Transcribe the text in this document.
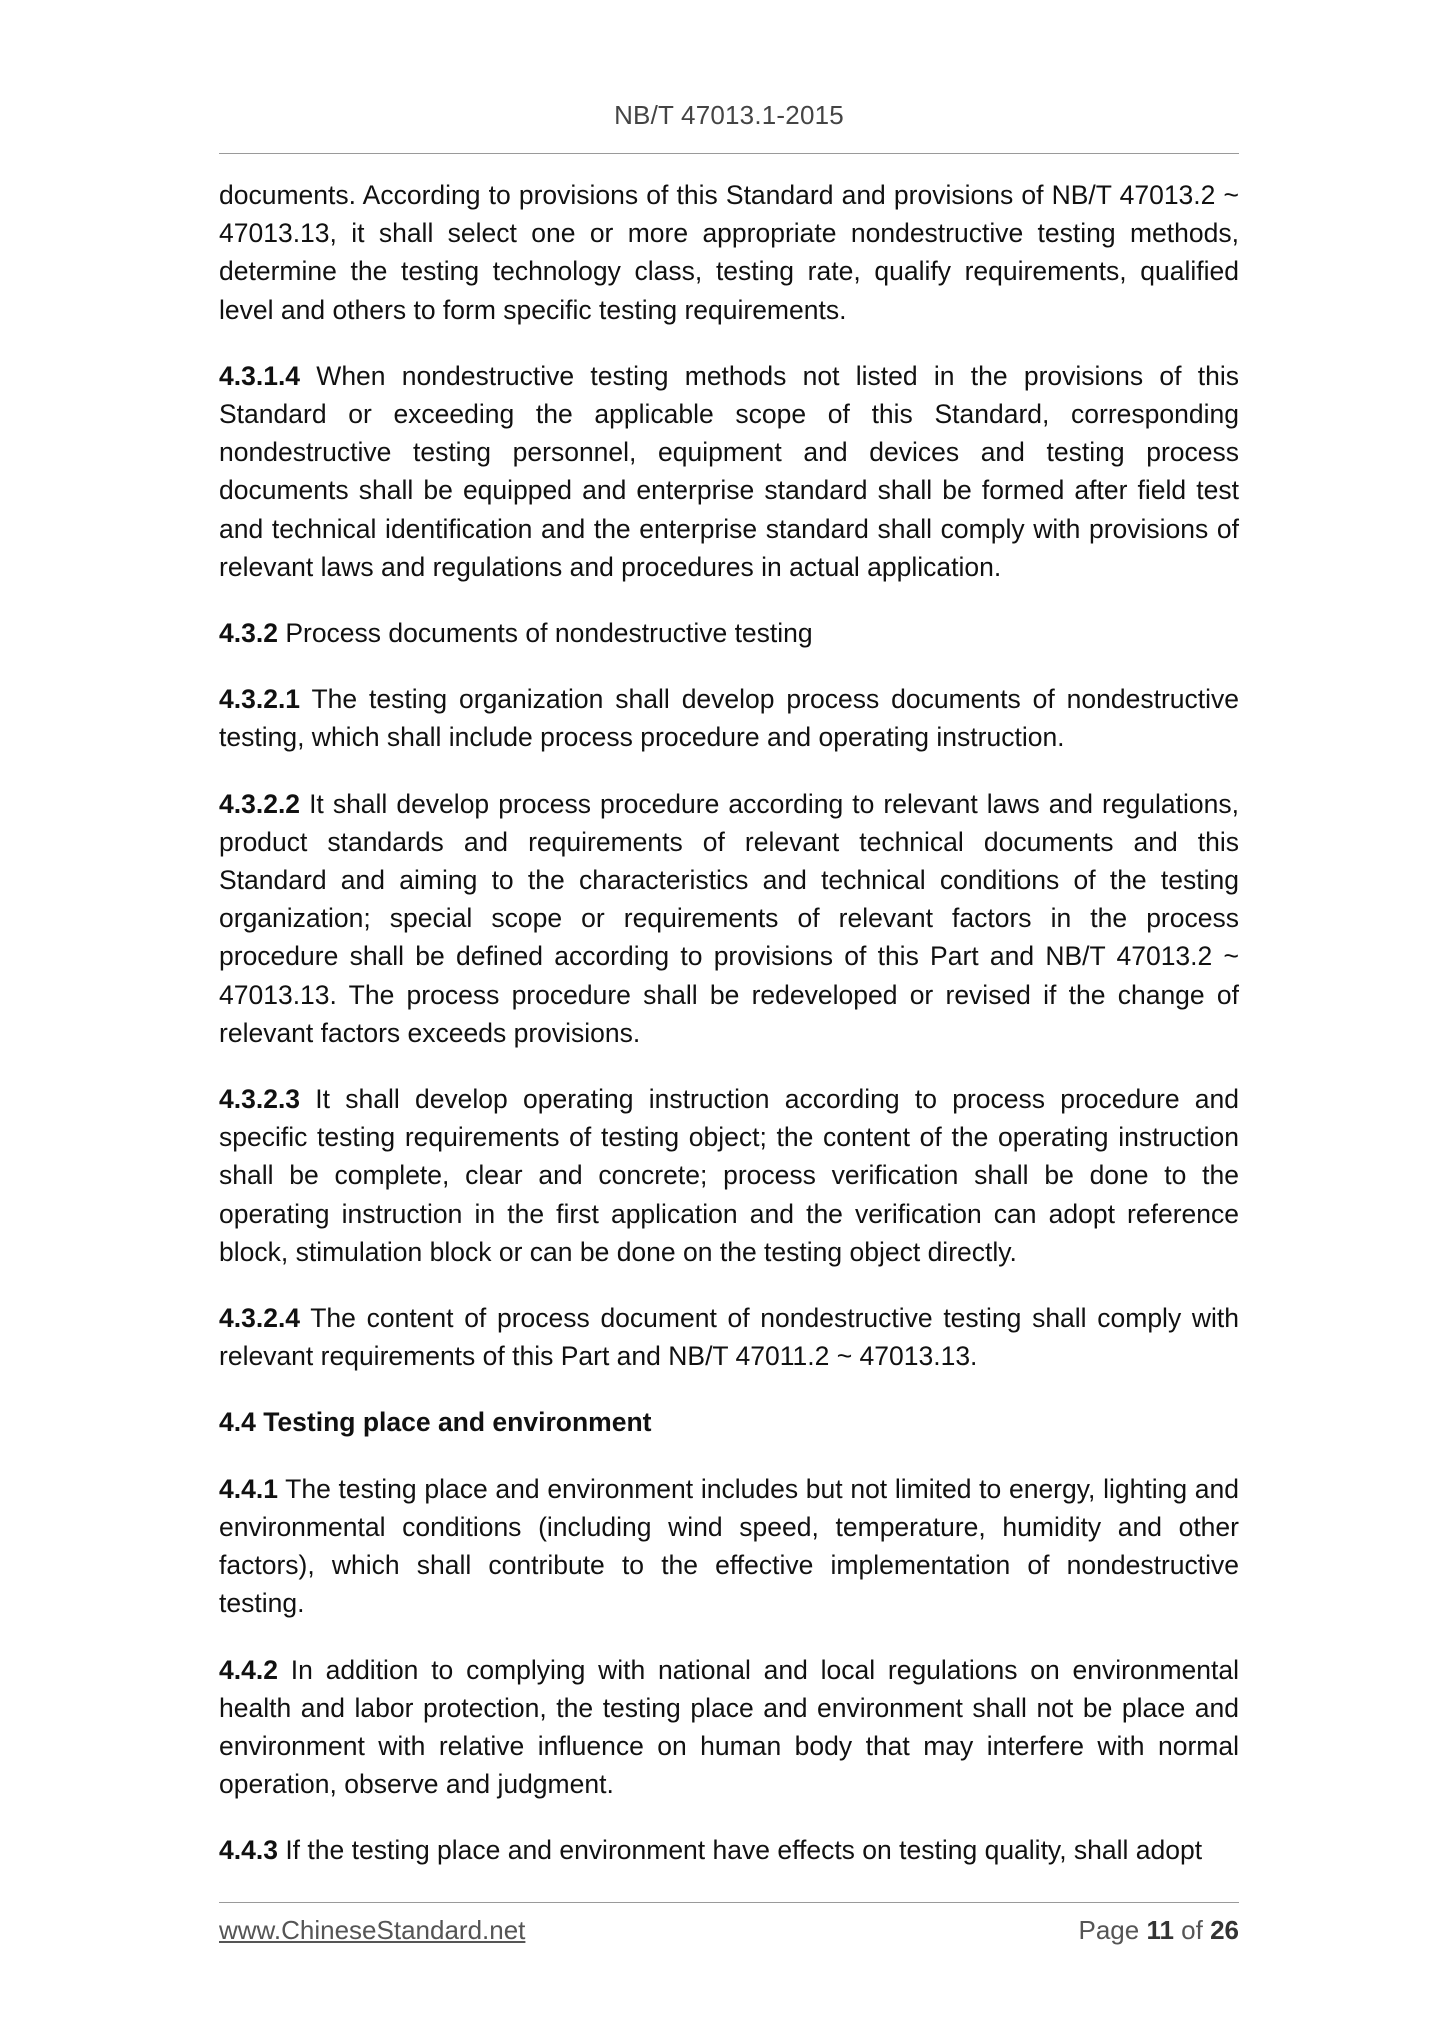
NB/T 47013.1-2015

documents. According to provisions of this Standard and provisions of NB/T 47013.2 ~ 47013.13, it shall select one or more appropriate nondestructive testing methods, determine the testing technology class, testing rate, qualify requirements, qualified level and others to form specific testing requirements.

4.3.1.4 When nondestructive testing methods not listed in the provisions of this Standard or exceeding the applicable scope of this Standard, corresponding nondestructive testing personnel, equipment and devices and testing process documents shall be equipped and enterprise standard shall be formed after field test and technical identification and the enterprise standard shall comply with provisions of relevant laws and regulations and procedures in actual application.

4.3.2 Process documents of nondestructive testing

4.3.2.1 The testing organization shall develop process documents of nondestructive testing, which shall include process procedure and operating instruction.

4.3.2.2 It shall develop process procedure according to relevant laws and regulations, product standards and requirements of relevant technical documents and this Standard and aiming to the characteristics and technical conditions of the testing organization; special scope or requirements of relevant factors in the process procedure shall be defined according to provisions of this Part and NB/T 47013.2 ~ 47013.13. The process procedure shall be redeveloped or revised if the change of relevant factors exceeds provisions.

4.3.2.3 It shall develop operating instruction according to process procedure and specific testing requirements of testing object; the content of the operating instruction shall be complete, clear and concrete; process verification shall be done to the operating instruction in the first application and the verification can adopt reference block, stimulation block or can be done on the testing object directly.

4.3.2.4 The content of process document of nondestructive testing shall comply with relevant requirements of this Part and NB/T 47011.2 ~ 47013.13.

4.4 Testing place and environment

4.4.1 The testing place and environment includes but not limited to energy, lighting and environmental conditions (including wind speed, temperature, humidity and other factors), which shall contribute to the effective implementation of nondestructive testing.

4.4.2 In addition to complying with national and local regulations on environmental health and labor protection, the testing place and environment shall not be place and environment with relative influence on human body that may interfere with normal operation, observe and judgment.

4.4.3 If the testing place and environment have effects on testing quality, shall adopt

www.ChineseStandard.net	Page 11 of 26
